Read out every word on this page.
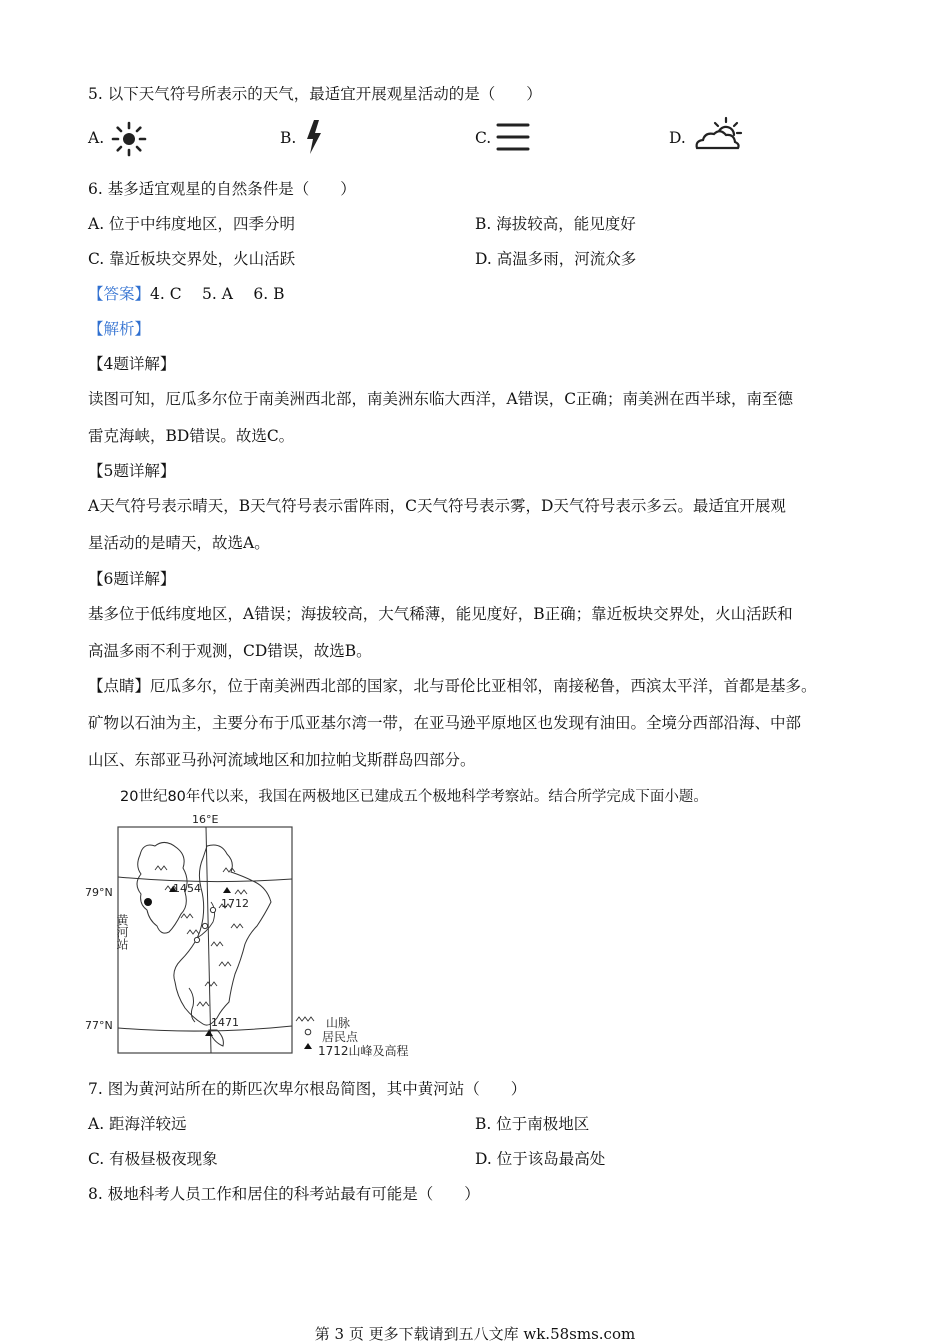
5. 以下天气符号所表示的天气，最适宜开展观星活动的是（　　）
A.	B.	C.	D.
6. 基多适宜观星的自然条件是（　　）
A. 位于中纬度地区，四季分明	B. 海拔较高，能见度好
C. 靠近板块交界处，火山活跃	D. 高温多雨，河流众多
【答案】4. C　 5. A　 6. B
【解析】
【4题详解】
读图可知，厄瓜多尔位于南美洲西北部，南美洲东临大西洋，A错误，C正确；南美洲在西半球，南至德
雷克海峡，BD错误。故选C。
【5题详解】
A天气符号表示晴天，B天气符号表示雷阵雨，C天气符号表示雾，D天气符号表示多云。最适宜开展观
星活动的是晴天，故选A。
【6题详解】
基多位于低纬度地区，A错误；海拔较高，大气稀薄，能见度好，B正确；靠近板块交界处，火山活跃和
高温多雨不利于观测，CD错误，故选B。
【点睛】厄瓜多尔，位于南美洲西北部的国家，北与哥伦比亚相邻，南接秘鲁，西滨太平洋，首都是基多。
矿物以石油为主，主要分布于瓜亚基尔湾一带，在亚马逊平原地区也发现有油田。全境分西部沿海、中部
山区、东部亚马孙河流域地区和加拉帕戈斯群岛四部分。
20世纪80年代以来，我国在两极地区已建成五个极地科学考察站。结合所学完成下面小题。
16°E
79°N
77°N
1454
1712
1471
黄河站
山脉
居民点
1712山峰及高程
7. 图为黄河站所在的斯匹次卑尔根岛简图，其中黄河站（　　）
A. 距海洋较远	B. 位于南极地区
C. 有极昼极夜现象	D. 位于该岛最高处
8. 极地科考人员工作和居住的科考站最有可能是（　　）
第 3 页 更多下载请到五八文库 wk.58sms.com
